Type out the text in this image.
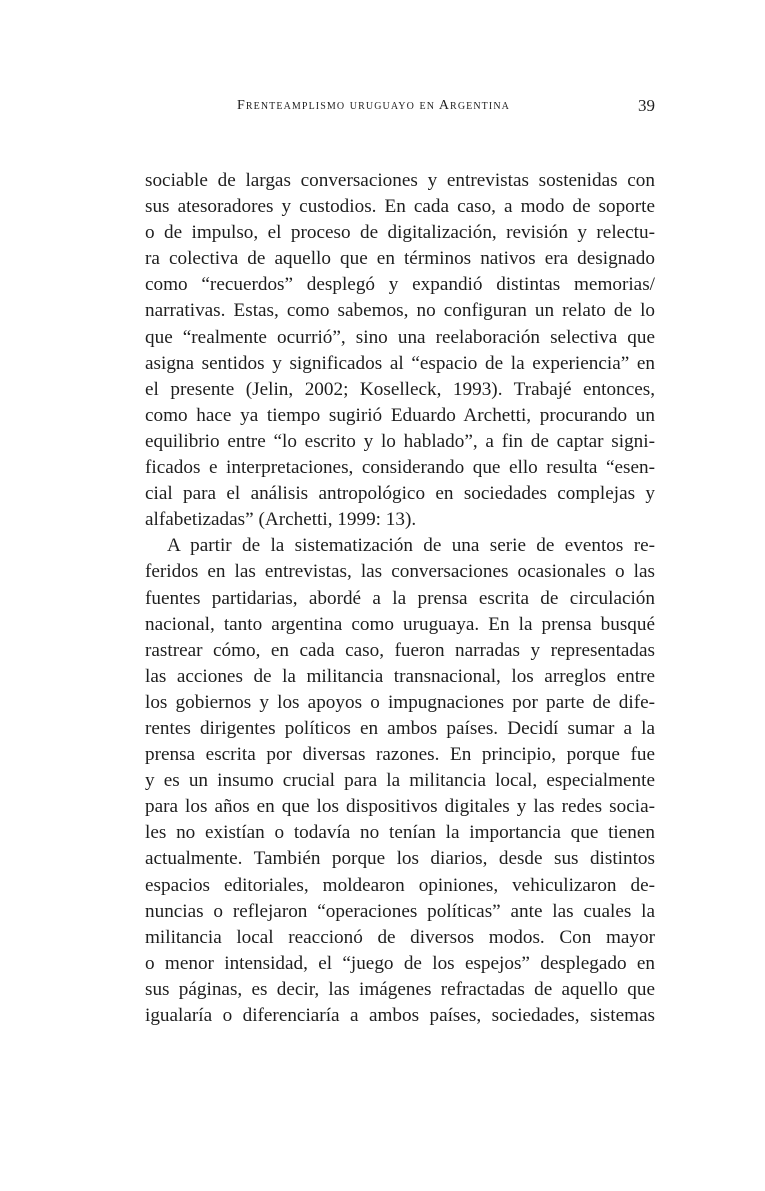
Frenteamplismo uruguayo en Argentina	39

sociable de largas conversaciones y entrevistas sostenidas con
sus atesoradores y custodios. En cada caso, a modo de soporte
o de impulso, el proceso de digitalización, revisión y relectu-
ra colectiva de aquello que en términos nativos era designado
como “recuerdos” desplegó y expandió distintas memorias/
narrativas. Estas, como sabemos, no configuran un relato de lo
que “realmente ocurrió”, sino una reelaboración selectiva que
asigna sentidos y significados al “espacio de la experiencia” en
el presente (Jelin, 2002; Koselleck, 1993). Trabajé entonces,
como hace ya tiempo sugirió Eduardo Archetti, procurando un
equilibrio entre “lo escrito y lo hablado”, a fin de captar signi-
ficados e interpretaciones, considerando que ello resulta “esen-
cial para el análisis antropológico en sociedades complejas y
alfabetizadas” (Archetti, 1999: 13).

A partir de la sistematización de una serie de eventos re-
feridos en las entrevistas, las conversaciones ocasionales o las
fuentes partidarias, abordé a la prensa escrita de circulación
nacional, tanto argentina como uruguaya. En la prensa busqué
rastrear cómo, en cada caso, fueron narradas y representadas
las acciones de la militancia transnacional, los arreglos entre
los gobiernos y los apoyos o impugnaciones por parte de dife-
rentes dirigentes políticos en ambos países. Decidí sumar a la
prensa escrita por diversas razones. En principio, porque fue
y es un insumo crucial para la militancia local, especialmente
para los años en que los dispositivos digitales y las redes socia-
les no existían o todavía no tenían la importancia que tienen
actualmente. También porque los diarios, desde sus distintos
espacios editoriales, moldearon opiniones, vehiculizaron de-
nuncias o reflejaron “operaciones políticas” ante las cuales la
militancia local reaccionó de diversos modos. Con mayor
o menor intensidad, el “juego de los espejos” desplegado en
sus páginas, es decir, las imágenes refractadas de aquello que
igualaría o diferenciaría a ambos países, sociedades, sistemas
